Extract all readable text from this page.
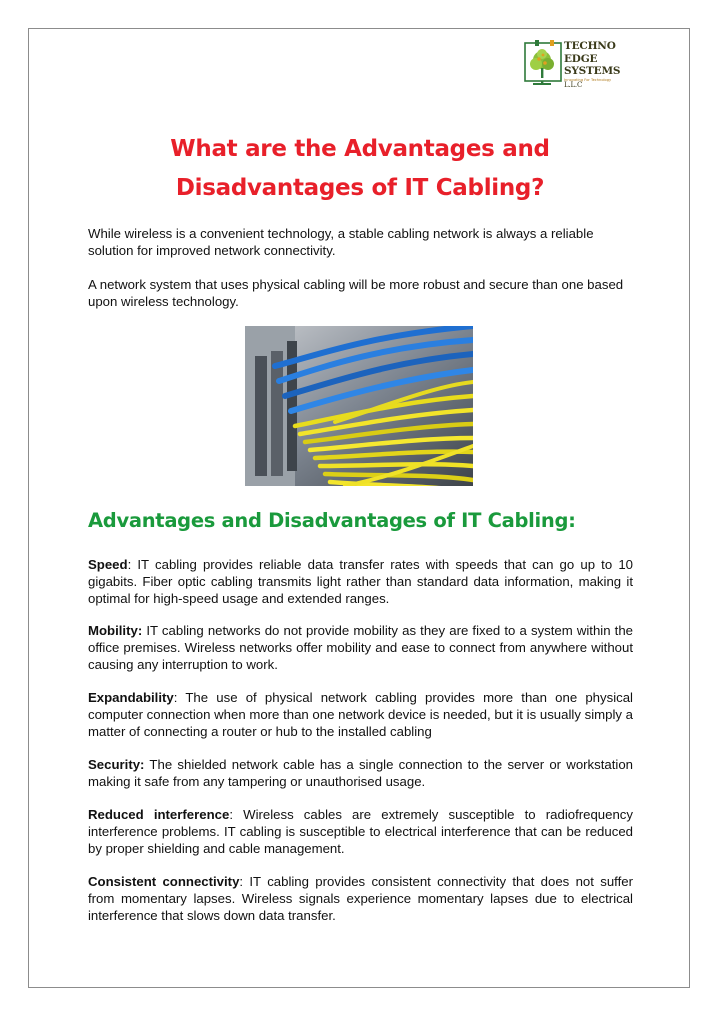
TECHNO
EDGE
SYSTEMS L.L.C
Innovating For Technology
What are the Advantages and
Disadvantages of IT Cabling?

While wireless is a convenient technology, a stable cabling network is always a reliable solution for improved network connectivity.

A network system that uses physical cabling will be more robust and secure than one based upon wireless technology.

Advantages and Disadvantages of IT Cabling:

Speed: IT cabling provides reliable data transfer rates with speeds that can go up to 10 gigabits. Fiber optic cabling transmits light rather than standard data information, making it optimal for high-speed usage and extended ranges.

Mobility: IT cabling networks do not provide mobility as they are fixed to a system within the office premises. Wireless networks offer mobility and ease to connect from anywhere without causing any interruption to work.

Expandability: The use of physical network cabling provides more than one physical computer connection when more than one network device is needed, but it is usually simply a matter of connecting a router or hub to the installed cabling

Security: The shielded network cable has a single connection to the server or workstation making it safe from any tampering or unauthorised usage.

Reduced interference: Wireless cables are extremely susceptible to radiofrequency interference problems. IT cabling is susceptible to electrical interference that can be reduced by proper shielding and cable management.

Consistent connectivity: IT cabling provides consistent connectivity that does not suffer from momentary lapses. Wireless signals experience momentary lapses due to electrical interference that slows down data transfer.
